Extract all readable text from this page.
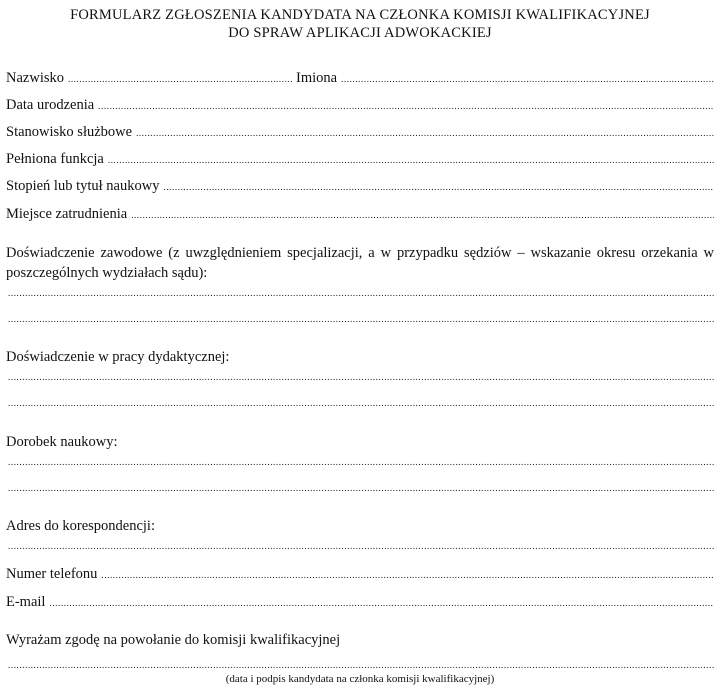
FORMULARZ ZGŁOSZENIA KANDYDATA NA CZŁONKA KOMISJI KWALIFIKACYJNEJ
DO SPRAW APLIKACJI ADWOKACKIEJ
Nazwisko
.....	Imiona
.....
Data urodzenia
.....
Stanowisko służbowe
.....
Pełniona funkcja
.....
Stopień lub tytuł naukowy
.....
Miejsce zatrudnienia
.....
Doświadczenie zawodowe (z uwzględnieniem specjalizacji, a w przypadku sędziów – wskazanie okresu orzekania w poszczególnych wydziałach sądu):
.....
.....
Doświadczenie w pracy dydaktycznej:
.....
.....
Dorobek naukowy:
.....
.....
Adres do korespondencji:
.....
Numer telefonu
.....
E-mail
.....
Wyrażam zgodę na powołanie do komisji kwalifikacyjnej
.....
(data i podpis kandydata na członka komisji kwalifikacyjnej)
